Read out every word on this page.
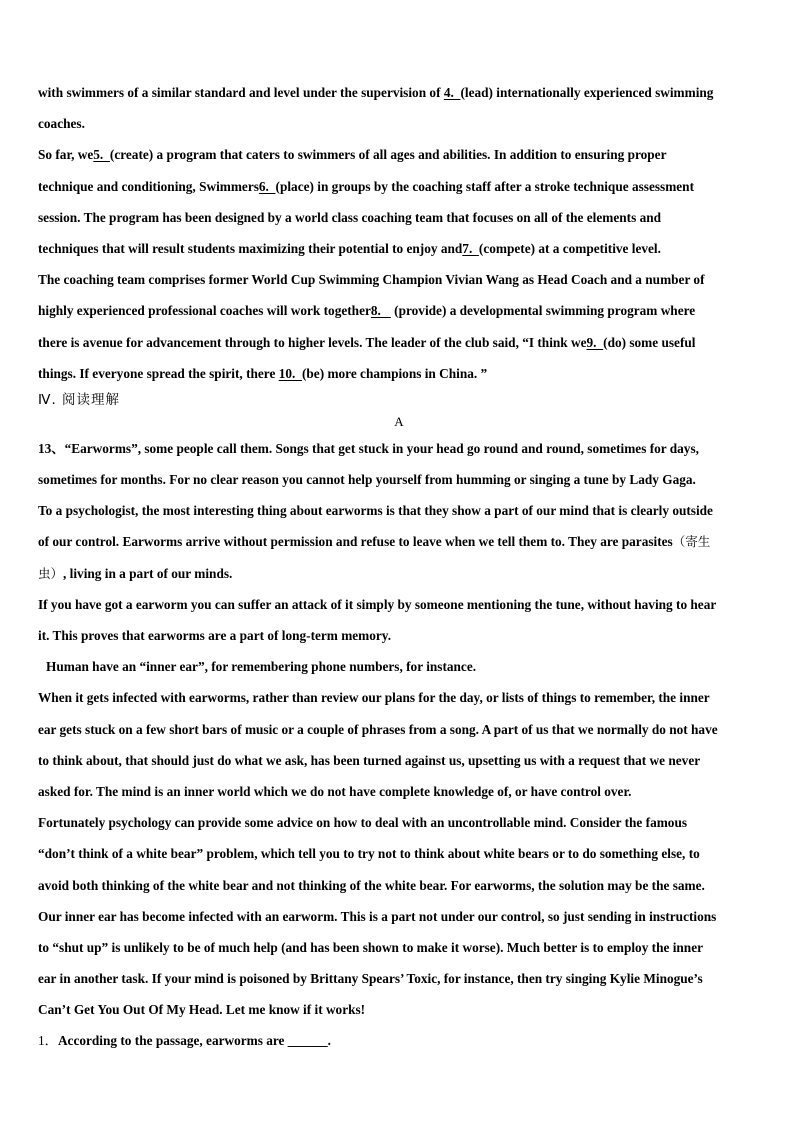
with swimmers of a similar standard and level under the supervision of 4.  (lead) internationally experienced swimming
coaches.
So far, we5.  (create) a program that caters to swimmers of all ages and abilities. In addition to ensuring proper
technique and conditioning, Swimmers6.  (place) in groups by the coaching staff after a stroke technique assessment
session. The program has been designed by a world class coaching team that focuses on all of the elements and
techniques that will result students maximizing their potential to enjoy and7.  (compete) at a competitive level.
The coaching team comprises former World Cup Swimming Champion Vivian Wang as Head Coach and a number of
highly experienced professional coaches will work together8.    (provide) a developmental swimming program where
there is avenue for advancement through to higher levels. The leader of the club said, “I think we9.  (do) some useful
things. If everyone spread the spirit, there 10.  (be) more champions in China. ”
Ⅳ. 阅读理解
A
13、“Earworms”, some people call them. Songs that get stuck in your head go round and round, sometimes for days,
sometimes for months. For no clear reason you cannot help yourself from humming or singing a tune by Lady Gaga.
To a psychologist, the most interesting thing about earworms is that they show a part of our mind that is clearly outside
of our control. Earworms arrive without permission and refuse to leave when we tell them to. They are parasites（寄生
虫）, living in a part of our minds.
If you have got a earworm you can suffer an attack of it simply by someone mentioning the tune, without having to hear
it. This proves that earworms are a part of long-term memory.
Human have an “inner ear”, for remembering phone numbers, for instance.
When it gets infected with earworms, rather than review our plans for the day, or lists of things to remember, the inner
ear gets stuck on a few short bars of music or a couple of phrases from a song. A part of us that we normally do not have
to think about, that should just do what we ask, has been turned against us, upsetting us with a request that we never
asked for. The mind is an inner world which we do not have complete knowledge of, or have control over.
Fortunately psychology can provide some advice on how to deal with an uncontrollable mind. Consider the famous
“don’t think of a white bear” problem, which tell you to try not to think about white bears or to do something else, to
avoid both thinking of the white bear and not thinking of the white bear. For earworms, the solution may be the same.
Our inner ear has become infected with an earworm. This is a part not under our control, so just sending in instructions
to “shut up” is unlikely to be of much help (and has been shown to make it worse). Much better is to employ the inner
ear in another task. If your mind is poisoned by Brittany Spears’ Toxic, for instance, then try singing Kylie Minogue’s
Can’t Get You Out Of My Head. Let me know if it works!
1．According to the passage, earworms are ______.
